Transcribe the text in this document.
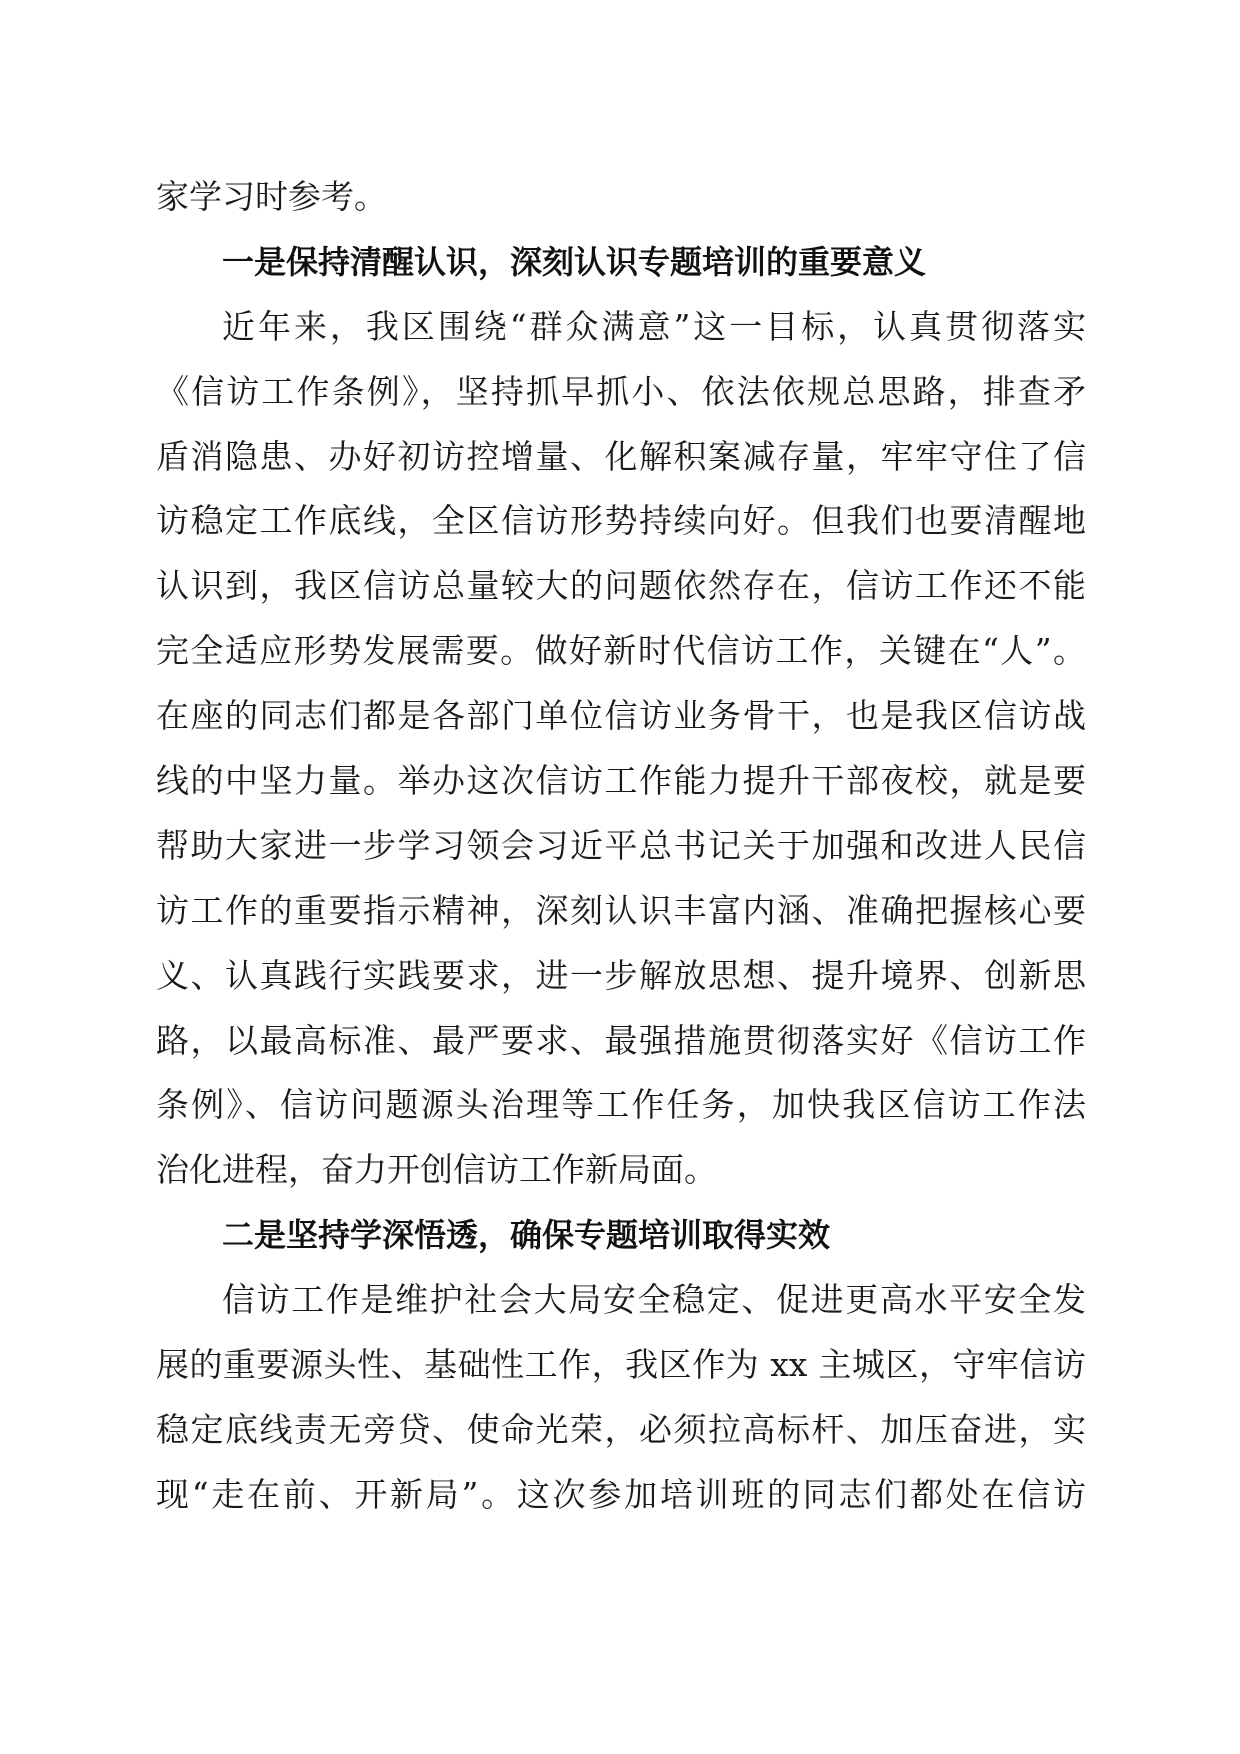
家学习时参考。
一是保持清醒认识，深刻认识专题培训的重要意义
近年来，我区围绕“群众满意”这一目标，认真贯彻落实
《信访工作条例》，坚持抓早抓小、依法依规总思路，排查矛
盾消隐患、办好初访控增量、化解积案减存量，牢牢守住了信
访稳定工作底线，全区信访形势持续向好。但我们也要清醒地
认识到，我区信访总量较大的问题依然存在，信访工作还不能
完全适应形势发展需要。做好新时代信访工作，关键在“人”。
在座的同志们都是各部门单位信访业务骨干，也是我区信访战
线的中坚力量。举办这次信访工作能力提升干部夜校，就是要
帮助大家进一步学习领会习近平总书记关于加强和改进人民信
访工作的重要指示精神，深刻认识丰富内涵、准确把握核心要
义、认真践行实践要求，进一步解放思想、提升境界、创新思
路，以最高标准、最严要求、最强措施贯彻落实好《信访工作
条例》、信访问题源头治理等工作任务，加快我区信访工作法
治化进程，奋力开创信访工作新局面。
二是坚持学深悟透，确保专题培训取得实效
信访工作是维护社会大局安全稳定、促进更高水平安全发
展的重要源头性、基础性工作，我区作为 xx 主城区，守牢信访
稳定底线责无旁贷、使命光荣，必须拉高标杆、加压奋进，实
现“走在前、开新局”。这次参加培训班的同志们都处在信访
